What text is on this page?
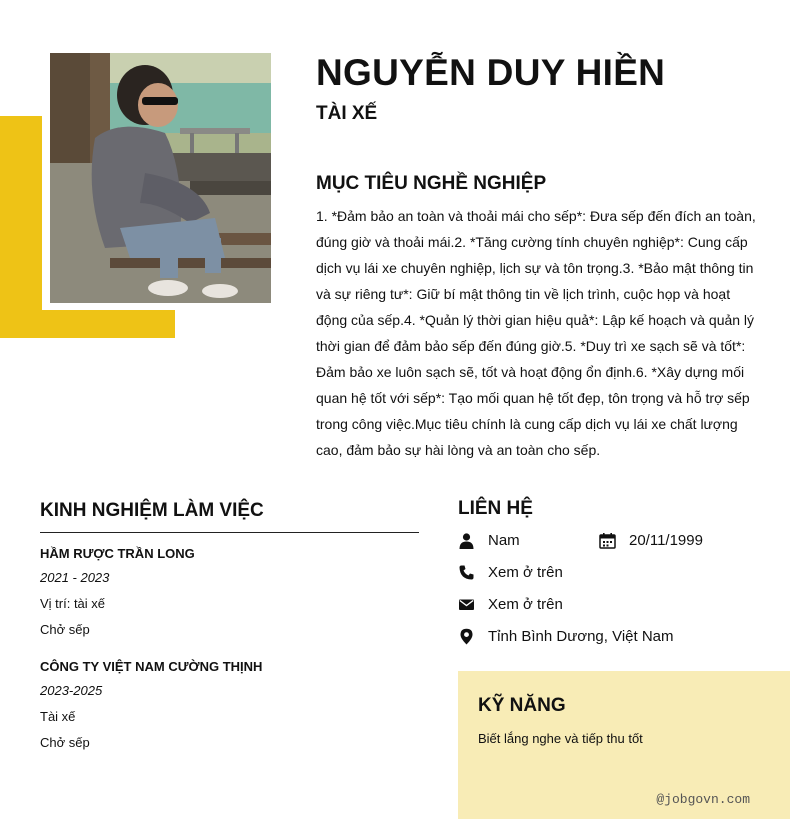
NGUYỄN DUY HIỀN
TÀI XẾ
MỤC TIÊU NGHỀ NGHIỆP

1. *Đảm bảo an toàn và thoải mái cho sếp*: Đưa sếp đến đích an toàn, đúng giờ và thoải mái.2. *Tăng cường tính chuyên nghiệp*: Cung cấp dịch vụ lái xe chuyên nghiệp, lịch sự và tôn trọng.3. *Bảo mật thông tin và sự riêng tư*: Giữ bí mật thông tin về lịch trình, cuộc họp và hoạt động của sếp.4. *Quản lý thời gian hiệu quả*: Lập kế hoạch và quản lý thời gian để đảm bảo sếp đến đúng giờ.5. *Duy trì xe sạch sẽ và tốt*: Đảm bảo xe luôn sạch sẽ, tốt và hoạt động ổn định.6. *Xây dựng mối quan hệ tốt với sếp*: Tạo mối quan hệ tốt đẹp, tôn trọng và hỗ trợ sếp trong công việc.Mục tiêu chính là cung cấp dịch vụ lái xe chất lượng cao, đảm bảo sự hài lòng và an toàn cho sếp.

KINH NGHIỆM LÀM VIỆC
HẦM RƯỢC TRẦN LONG
2021 - 2023
Vị trí: tài xế
Chở sếp
CÔNG TY VIỆT NAM CƯỜNG THỊNH
2023-2025
Tài xế
Chở sếp
LIÊN HỆ
Nam	20/11/1999
Xem ở trên
Xem ở trên
Tỉnh Bình Dương, Việt Nam
KỸ NĂNG
Biết lắng nghe và tiếp thu tốt
@jobgovn.com
